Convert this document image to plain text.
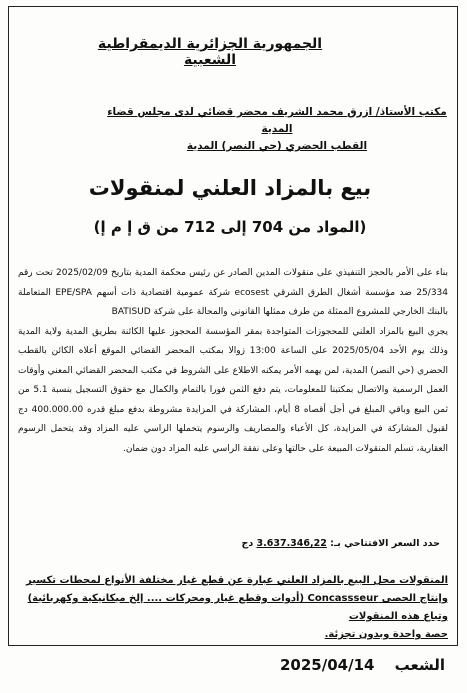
الجمهورية الجزائرية الديمقراطية الشعبية
مكتب الأستاذ/ ازرق محمد الشريف محضر قضائي لدى مجلس قضاء المدية
القطب الحضري (حي النصر) المدية
بيع بالمزاد العلني لمنقولات
(المواد من 704 إلى 712 من ق إ م إ)

بناء على الأمر بالحجز التنفيذي على منقولات المدين الصادر عن رئيس محكمة المدية بتاريخ 2025/02/09 تحت رقم 25/334 ضد مؤسسة أشغال الطرق الشرقي ecosest شركة عمومية اقتصادية ذات أسهم EPE/SPA المتعاملة بالبنك الخارجي للمشروع الممثلة من طرف ممثلها القانوني والمحالة على شركة BATISUD

يجري البيع بالمزاد العلني للمحجوزات المتواجدة بمقر المؤسسة المحجوز عليها الكائنة بطريق المدية ولاية المدية وذلك يوم الأحد 2025/05/04 على الساعة 13:00 زوالا بمكتب المحضر القضائي الموقع أعلاه الكائن بالقطب الحضري (حي النصر) المدية، لمن يهمه الأمر يمكنه الاطلاع على الشروط في مكتب المحضر القضائي المعني وأوقات العمل الرسمية والاتصال بمكتبنا للمعلومات، يتم دفع الثمن فورا بالتمام والكمال مع حقوق التسجيل بنسبة 5.1 من ثمن البيع وباقي المبلغ في أجل أقصاه 8 أيام، المشاركة في المزايدة مشروطة بدفع مبلغ قدره 400.000.00 دج لقبول المشاركة في المزايدة، كل الأعباء والمصاريف والرسوم يتحملها الراسي عليه المزاد وقد يتحمل الرسوم العقارية، تسلم المنقولات المبيعة على حالتها وعلى نفقة الراسي عليه المزاد دون ضمان.

حدد السعر الافتتاحي بـ: 3.637.346,22 دج

المنقولات محل البيع بالمزاد العلني عبارة عن قطع غيار مختلفة الأنواع لمحطات تكسير وإنتاج الحصى Concassseur (أدوات وقطع غيار ومحركات .... إلخ ميكانيكية وكهربائية) وتباع هذه المنقولات

حصة واحدة وبدون تجزئة.

2025/04/14 الشعب
